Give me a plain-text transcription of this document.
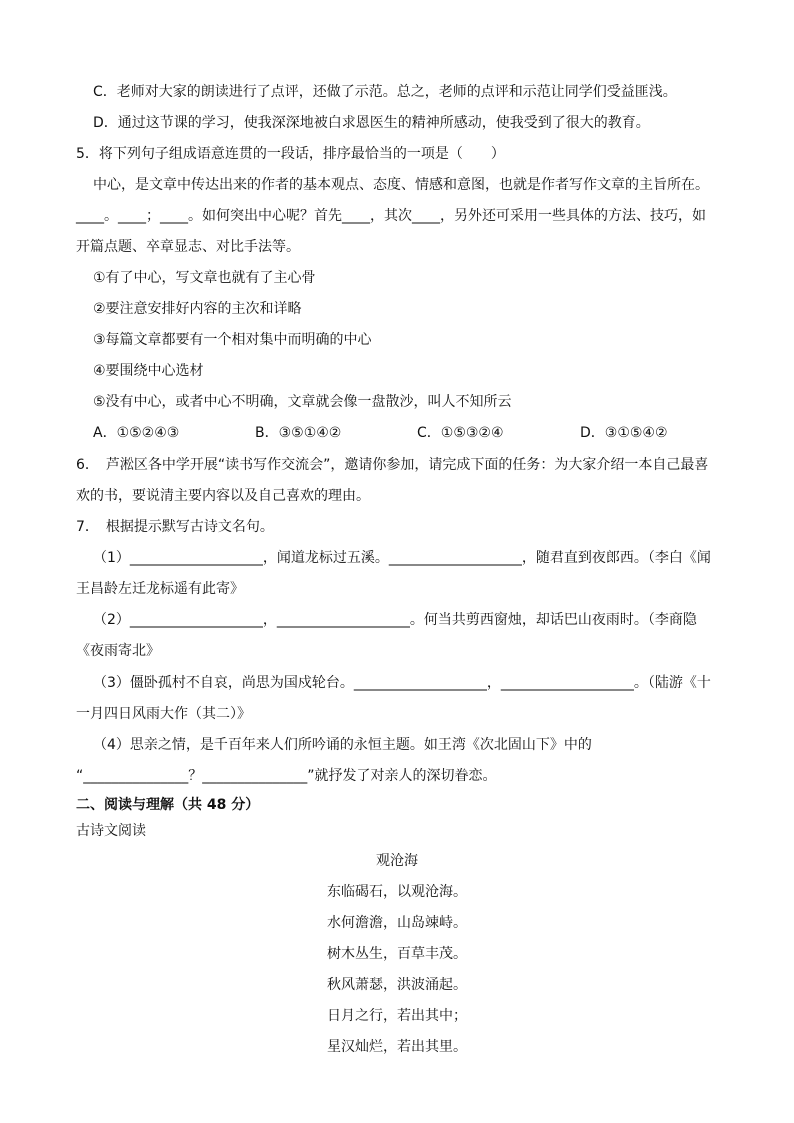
C．老师对大家的朗读进行了点评，还做了示范。总之，老师的点评和示范让同学们受益匪浅。
D．通过这节课的学习，使我深深地被白求恩医生的精神所感动，使我受到了很大的教育。
5．将下列句子组成语意连贯的一段话，排序最恰当的一项是（　　）
中心，是文章中传达出来的作者的基本观点、态度、情感和意图，也就是作者写作文章的主旨所在。
____。____；____。如何突出中心呢？首先____，其次____，另外还可采用一些具体的方法、技巧，如
开篇点题、卒章显志、对比手法等。
①有了中心，写文章也就有了主心骨
②要注意安排好内容的主次和详略
③每篇文章都要有一个相对集中而明确的中心
④要围绕中心选材
⑤没有中心，或者中心不明确，文章就会像一盘散沙，叫人不知所云
A．①⑤②④③	B．③⑤①④②	C．①⑤③②④	D．③①⑤④②
6．　芦淞区各中学开展“读书写作交流会”，邀请你参加，请完成下面的任务：为大家介绍一本自己最喜
欢的书，要说清主要内容以及自己喜欢的理由。
7．　根据提示默写古诗文名句。
（1）___________________，闻道龙标过五溪。___________________，随君直到夜郎西。（李白《闻
王昌龄左迁龙标遥有此寄》
（2）___________________，___________________。何当共剪西窗烛，却话巴山夜雨时。（李商隐
《夜雨寄北》
（3）僵卧孤村不自哀，尚思为国戍轮台。___________________，___________________。（陆游《十
一月四日风雨大作（其二）》
（4）思亲之情，是千百年来人们所吟诵的永恒主题。如王湾《次北固山下》中的
“_______________？_______________”就抒发了对亲人的深切眷恋。
二、阅读与理解（共 48 分）
古诗文阅读
观沧海
东临碣石，以观沧海。
水何澹澹，山岛竦峙。
树木丛生，百草丰茂。
秋风萧瑟，洪波涌起。
日月之行，若出其中；
星汉灿烂，若出其里。
